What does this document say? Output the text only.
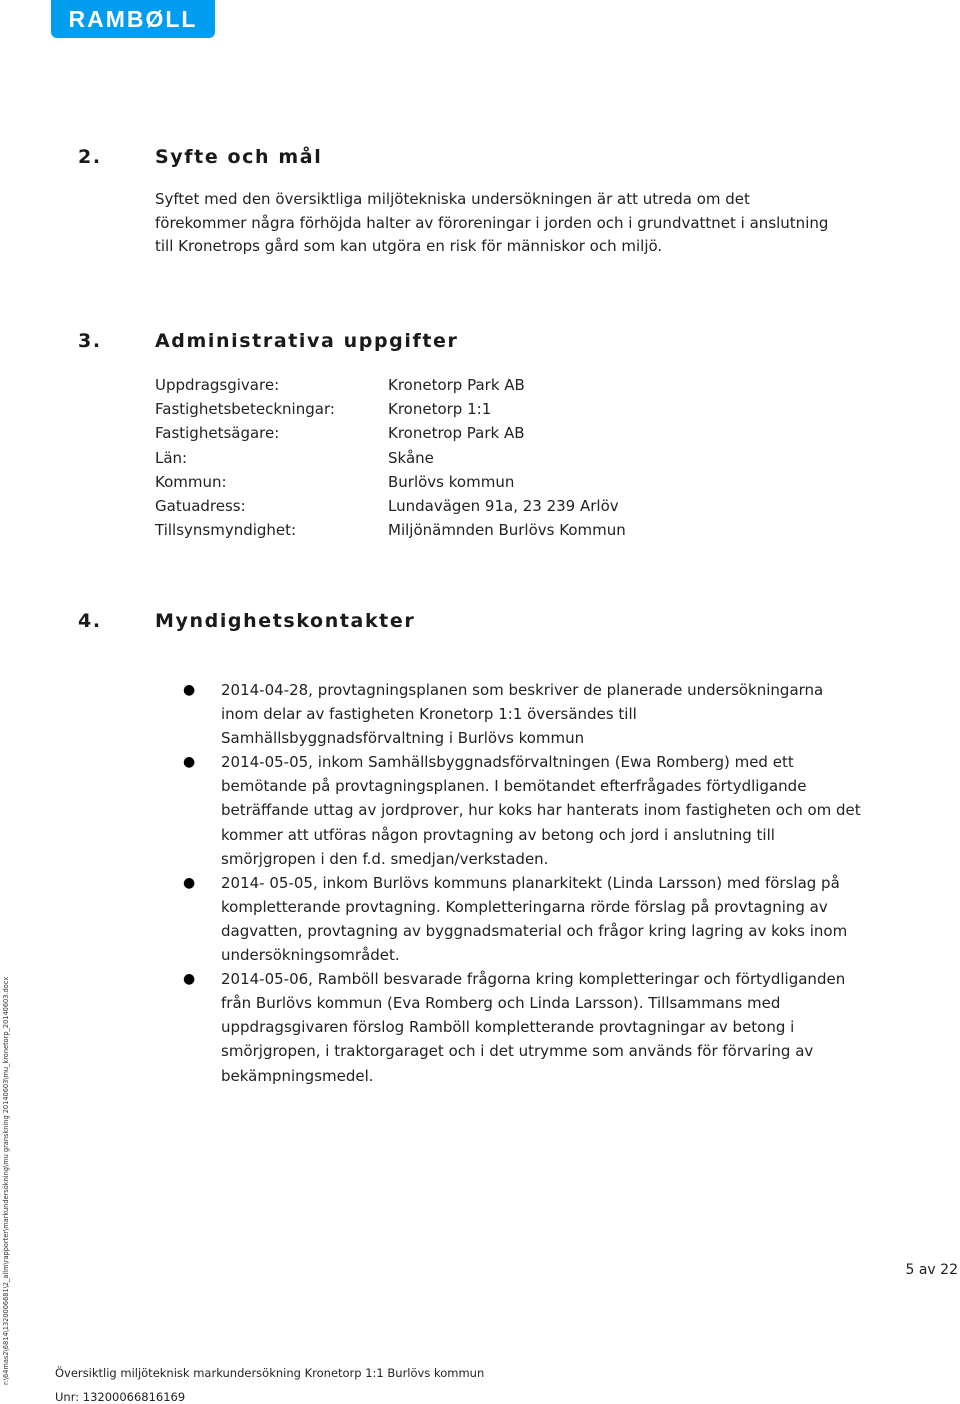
RAMBØLL
2.	Syfte och mål

Syftet med den översiktliga miljötekniska undersökningen är att utreda om det förekommer några förhöjda halter av föroreningar i jorden och i grundvattnet i anslutning till Kronetrops gård som kan utgöra en risk för människor och miljö.

3.	Administrativa uppgifter
Uppdragsgivare:	Kronetorp Park AB
Fastighetsbeteckningar:	Kronetorp 1:1
Fastighetsägare:	Kronetrop Park AB
Län:	Skåne
Kommun:	Burlövs kommun
Gatuadress:	Lundavägen 91a, 23 239 Arlöv
Tillsynsmyndighet:	Miljönämnden Burlövs Kommun
4.	Myndighetskontakter
● 2014-04-28, provtagningsplanen som beskriver de planerade undersökningarna inom delar av fastigheten Kronetorp 1:1 översändes till Samhällsbyggnadsförvaltning i Burlövs kommun
● 2014-05-05, inkom Samhällsbyggnadsförvaltningen (Ewa Romberg) med ett bemötande på provtagningsplanen. I bemötandet efterfrågades förtydligande beträffande uttag av jordprover, hur koks har hanterats inom fastigheten och om det kommer att utföras någon provtagning av betong och jord i anslutning till smörjgropen i den f.d. smedjan/verkstaden.
● 2014- 05-05, inkom Burlövs kommuns planarkitekt (Linda Larsson) med förslag på kompletterande provtagning. Kompletteringarna rörde förslag på provtagning av dagvatten, provtagning av byggnadsmaterial och frågor kring lagring av koks inom undersökningsområdet.
● 2014-05-06, Ramböll besvarade frågorna kring kompletteringar och förtydliganden från Burlövs kommun (Eva Romberg och Linda Larsson). Tillsammans med uppdragsgivaren förslog Ramböll kompletterande provtagningar av betong i smörjgropen, i traktorgaraget och i det utrymme som används för förvaring av bekämpningsmedel.
5 av 22
Översiktlig miljöteknisk markundersökning Kronetorp 1:1 Burlövs kommun
Unr: 13200066816169
r:\64mas2\6814\1320006681\2_allm\rapporter\markundersökning\mu granskning 20140603\mu_kronetorp_20140603.docx
